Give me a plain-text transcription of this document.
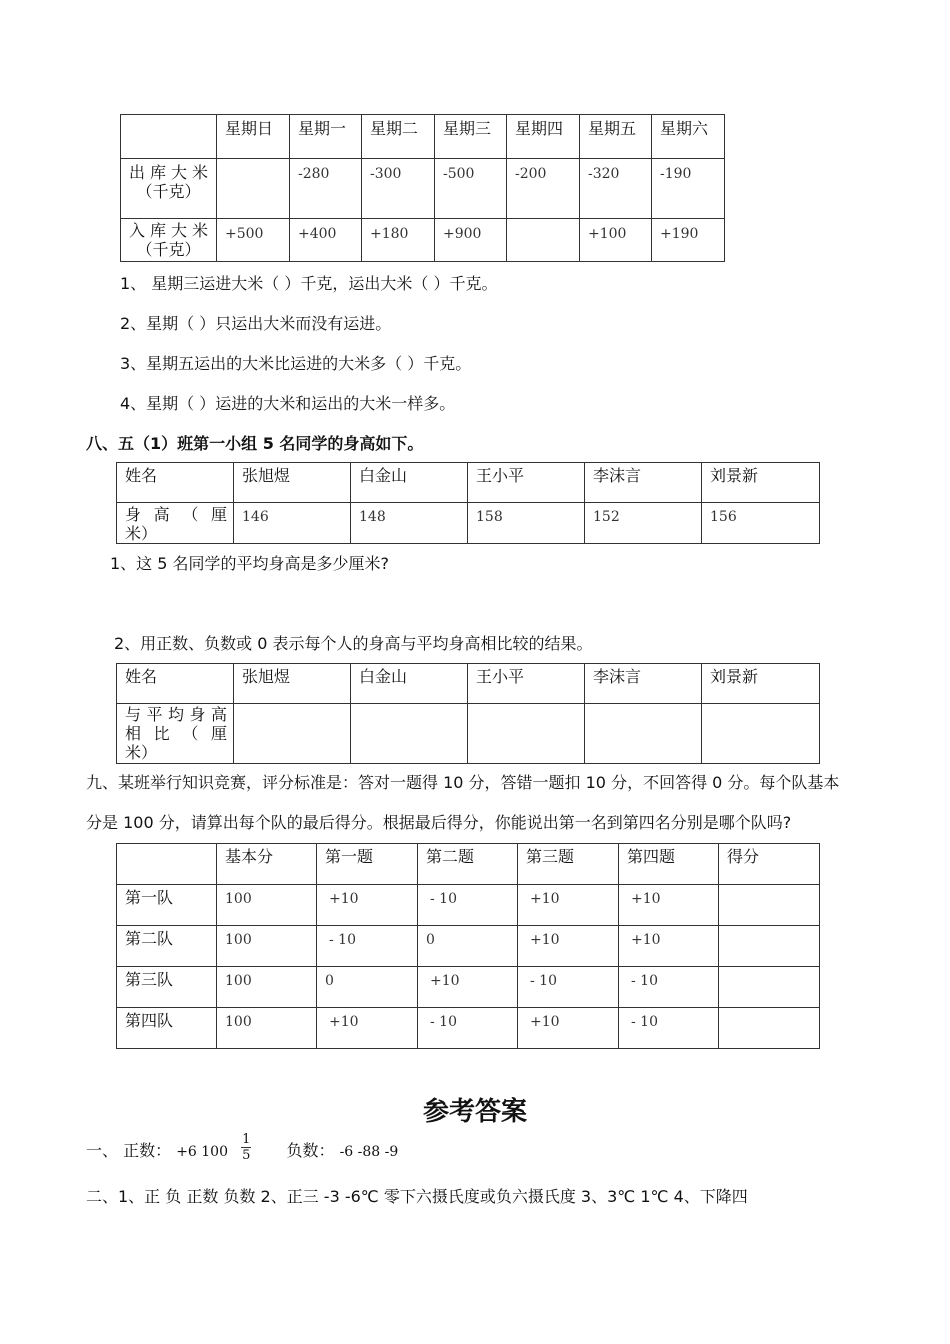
	星期日	星期一	星期二	星期三	星期四	星期五	星期六

出库大米
（千克）		-280	-300	-500	-200	-320	-190

入库大米
（千克）	+500	+400	+180	+900		+100	+190
1、 星期三运进大米（ ）千克，运出大米（ ）千克。
2、星期（ ）只运出大米而没有运进。
3、星期五运出的大米比运进的大米多（ ）千克。
4、星期（ ）运进的大米和运出的大米一样多。
八、五（1）班第一小组 5 名同学的身高如下。
姓名	张旭煜	白金山	王小平	李沫言	刘景新

身 高 （ 厘
米）	146	148	158	152	156
1、这 5 名同学的平均身高是多少厘米?
2、用正数、负数或 0 表示每个人的身高与平均身高相比较的结果。
姓名	张旭煜	白金山	王小平	李沫言	刘景新

与平均身高
相 比 （ 厘
米）					

九、某班举行知识竞赛，评分标准是：答对一题得 10 分，答错一题扣 10 分，不回答得 0 分。每个队基本
分是 100 分，请算出每个队的最后得分。根据最后得分，你能说出第一名到第四名分别是哪个队吗?
	基本分	第一题	第二题	第三题	第四题	得分
第一队	100	+10	- 10	+10	+10	
第二队	100	- 10	0	+10	+10	
第三队	100	0	+10	- 10	- 10	
第四队	100	+10	- 10	+10	- 10	
参考答案
一、 正数： +6 $100 \frac{1}{5}$ 负数： -6 -88 -9
二、1、正 负 正数 负数 2、正三 -3 -6℃ 零下六摄氏度或负六摄氏度 3、3℃ 1℃ 4、下降四
